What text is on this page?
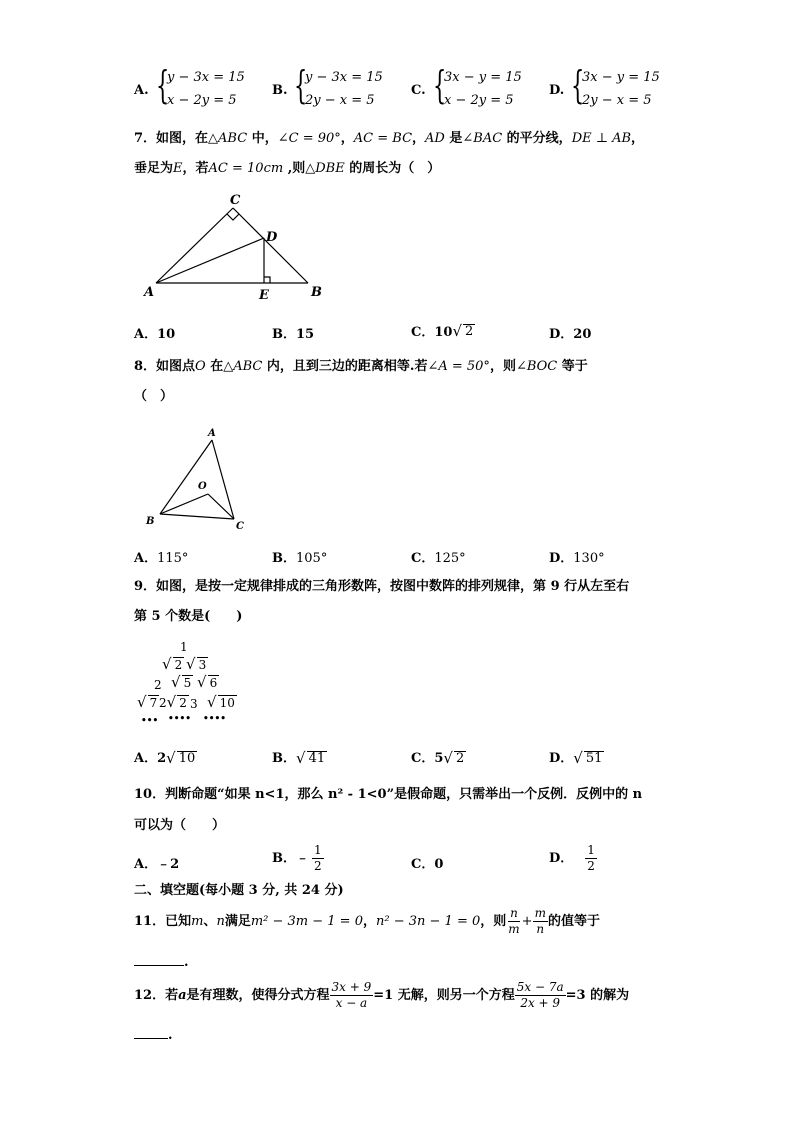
A. {
y − 3x = 15
x − 2y = 5
B. {
y − 3x = 15
2y − x = 5
C. {
3x − y = 15
x − 2y = 5
D. {
3x − y = 15
2y − x = 5
7．如图，在△ABC 中，∠C = 90°，AC = BC，AD 是∠BAC 的平分线，DE ⊥ AB，
垂足为E，若AC = 10cm ,则△DBE 的周长为（　）
C
D
A	E	B
A．10	B．15	C．10 √ 2	D．20
8．如图点O 在△ABC 内，且到三边的距离相等.若∠A = 50°，则∠BOC 等于
（　）
A
O
B	C
A．115°	B．105°	C．125°	D．130°
9．如图，是按一定规律排成的三角形数阵，按图中数阵的排列规律，第 9 行从左至右
第 5 个数是(　　)
1
√ 2 √ 3
2 √ 5 √ 6
√ 7 2 √ 2 3 √ 10
••• •••• ••••
A． 2 √ 10	B． √ 41	C． 5 √ 2	D． √ 51
10．判断命题“如果 n<1，那么 n² - 1<0”是假命题，只需举出一个反例．反例中的 n
可以为（　　）
A．﹣2	B．﹣ $\frac{1}{2}$	C．0	D． $\frac{1}{2}$
二、填空题(每小题 3 分, 共 24 分)
11．已知 m 、 n 满足 m² − 3m − 1 = 0 ， n² − 3n − 1 = 0 ，则 $\frac{n}{m} + \frac{m}{n}$ 的值等于
.
12．若 a 是有理数，使得分式方程 $\frac{3x + 9}{x - a} =1$ 无解，则另一个方程 $\frac{5x - 7a}{2x + 9} =3$ 的解为
.
